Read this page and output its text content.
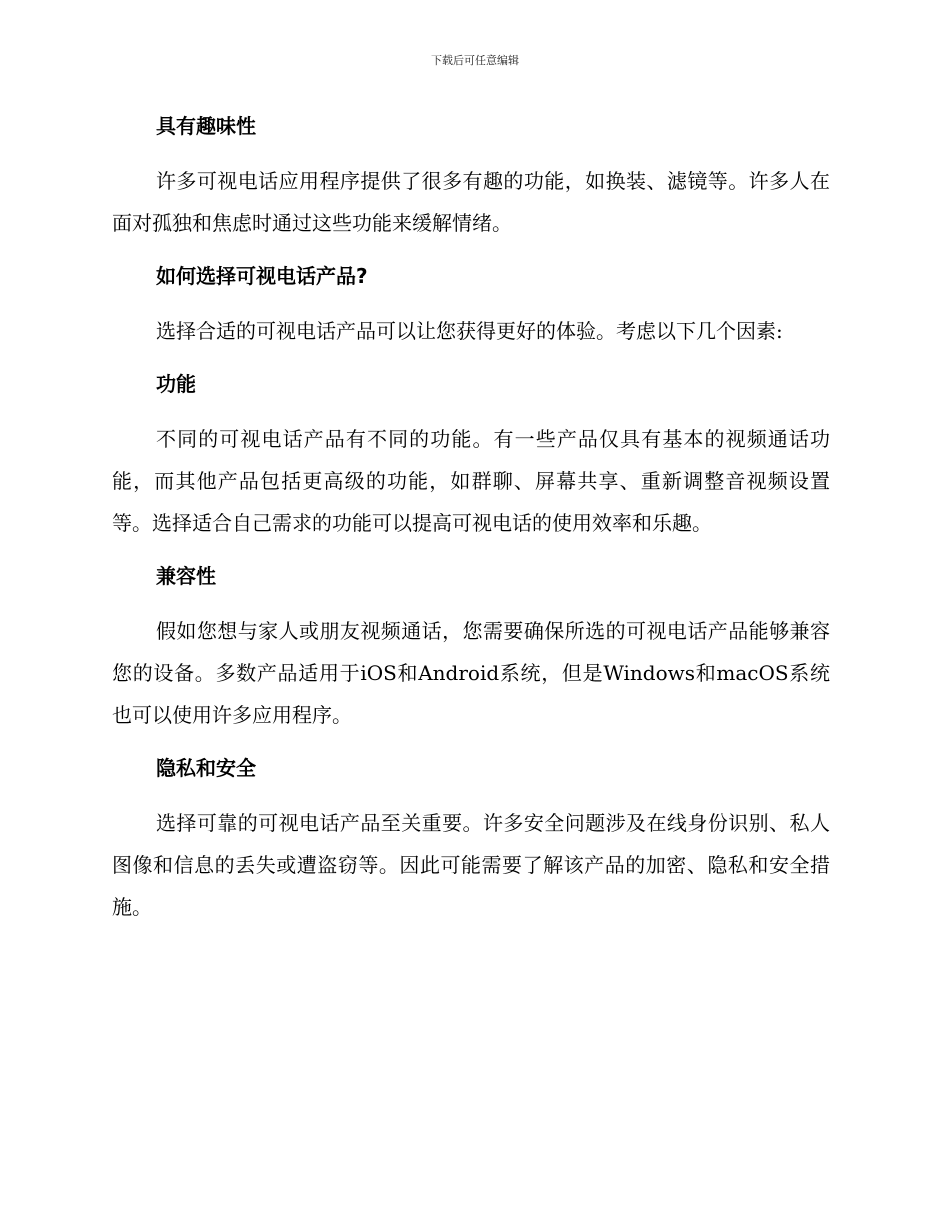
下载后可任意编辑
具有趣味性

许多可视电话应用程序提供了很多有趣的功能，如换装、滤镜等。许多人在面对孤独和焦虑时通过这些功能来缓解情绪。

如何选择可视电话产品?

选择合适的可视电话产品可以让您获得更好的体验。考虑以下几个因素:

功能

不同的可视电话产品有不同的功能。有一些产品仅具有基本的视频通话功能，而其他产品包括更高级的功能，如群聊、屏幕共享、重新调整音视频设置等。选择适合自己需求的功能可以提高可视电话的使用效率和乐趣。

兼容性

假如您想与家人或朋友视频通话，您需要确保所选的可视电话产品能够兼容您的设备。多数产品适用于iOS和Android系统，但是Windows和macOS系统也可以使用许多应用程序。

隐私和安全

选择可靠的可视电话产品至关重要。许多安全问题涉及在线身份识别、私人图像和信息的丢失或遭盗窃等。因此可能需要了解该产品的加密、隐私和安全措施。
